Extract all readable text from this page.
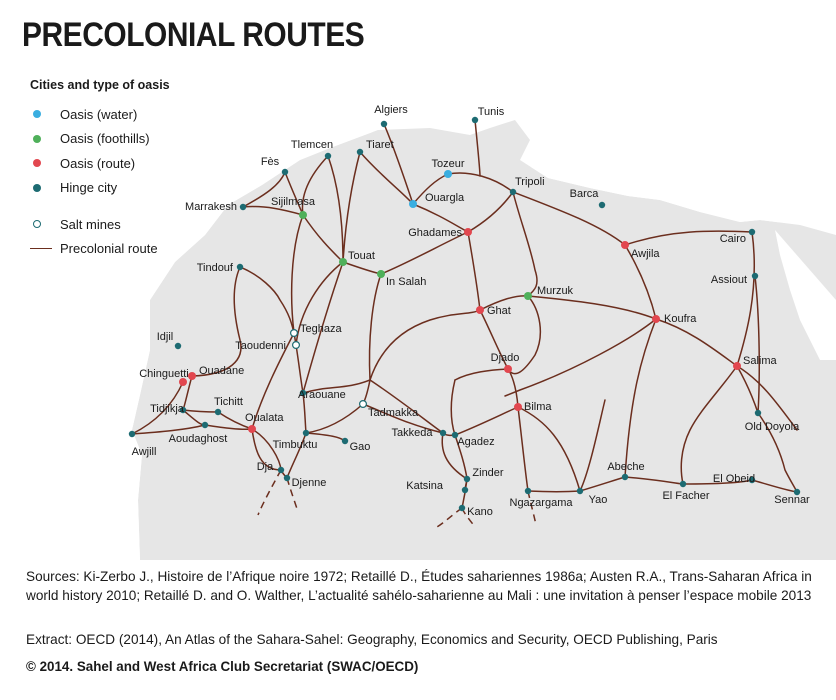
PRECOLONIAL ROUTES
Algiers	Tunis
Tiaret
Tlemcen
Fès	Tozeur
Tripoli
Barca
Marrakesh	Sijilmasa	Ouargla
Ghadames
Awjila
Cairo
Tindouf
Touat
In Salah	Assiout
Murzuk
Teghaza
Ghat
Koufra
Taoudenni
Idjil
Djado	Salima
Chinguetti Ouadane
Araouane
Tichitt
Tidjikja	Tadmakka	Bilma
Oualata
Old Doyola
Takkeda
Agadez
Aoudaghost
Awjill
Timbuktu	Gao
Dja
Djenne
Zinder	Abeche
El Obeid
Katsina
El Facher
Ngazargama Yao	Sennar
Kano
Cities and type of oasis
Oasis (water)
Oasis (foothills)
Oasis (route)
Hinge city
Salt mines
Precolonial route
Sources: Ki-Zerbo J., Histoire de l’Afrique noire 1972; Retaillé D., Études sahariennes 1986a; Austen R.A., Trans-Saharan Africa in world history 2010; Retaillé D. and O. Walther, L’actualité sahélo-saharienne au Mali : une invitation à penser l’espace mobile 2013
Extract: OECD (2014), An Atlas of the Sahara-Sahel: Geography, Economics and Security, OECD Publishing, Paris
© 2014. Sahel and West Africa Club Secretariat (SWAC/OECD)
